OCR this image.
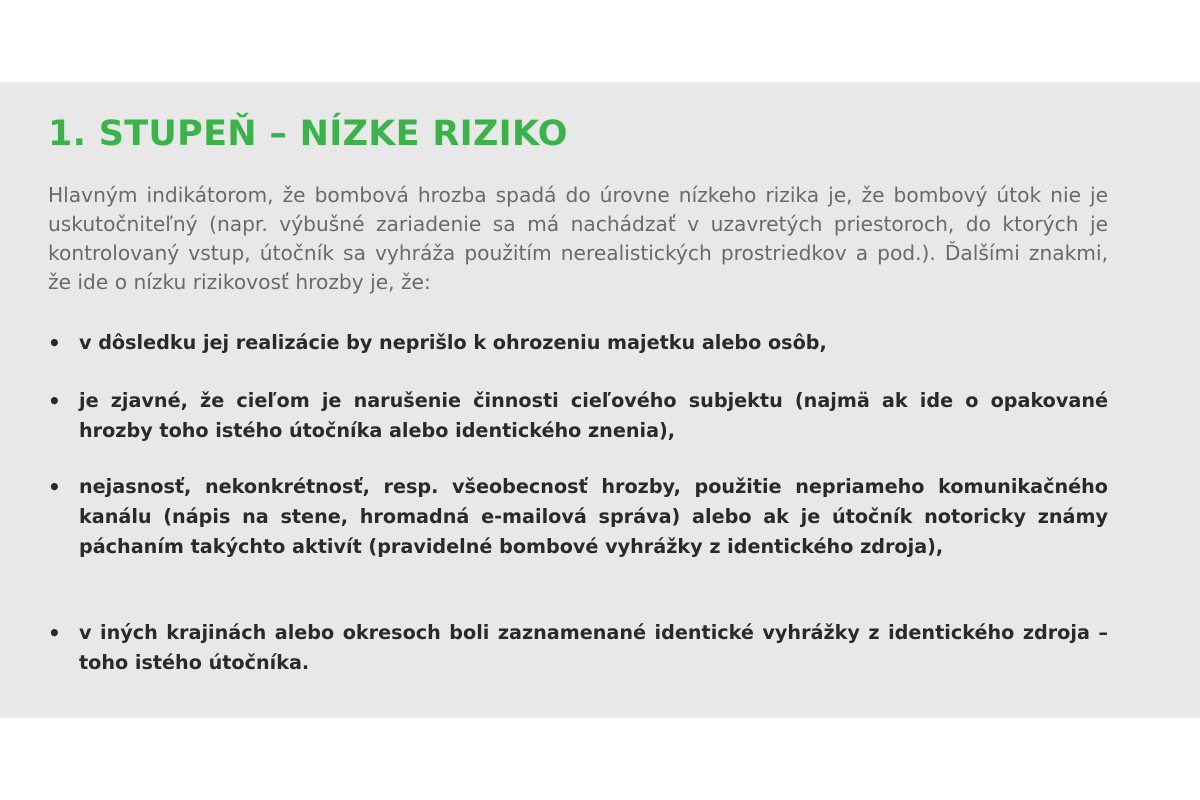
1. STUPEŇ – NÍZKE RIZIKO

Hlavným indikátorom, že bombová hrozba spadá do úrovne nízkeho rizika je, že bombový útok nie je uskutočniteľný (napr. výbušné zariadenie sa má nachádzať v uzavretých priestoroch, do ktorých je kontrolovaný vstup, útočník sa vyhráža použitím nerealistických prostriedkov a pod.). Ďalšími znakmi, že ide o nízku rizikovosť hrozby je, že:

• v dôsledku jej realizácie by neprišlo k ohrozeniu majetku alebo osôb,
• je zjavné, že cieľom je narušenie činnosti cieľového subjektu (najmä ak ide o opakované hrozby toho istého útočníka alebo identického znenia),
• nejasnosť, nekonkrétnosť, resp. všeobecnosť hrozby, použitie nepriameho komunikačného kanálu (nápis na stene, hromadná e-mailová správa) alebo ak je útočník notoricky známy páchaním takýchto aktivít (pravidelné bombové vyhrážky z identického zdroja),
• v iných krajinách alebo okresoch boli zaznamenané identické vyhrážky z identického zdroja – toho istého útočníka.
